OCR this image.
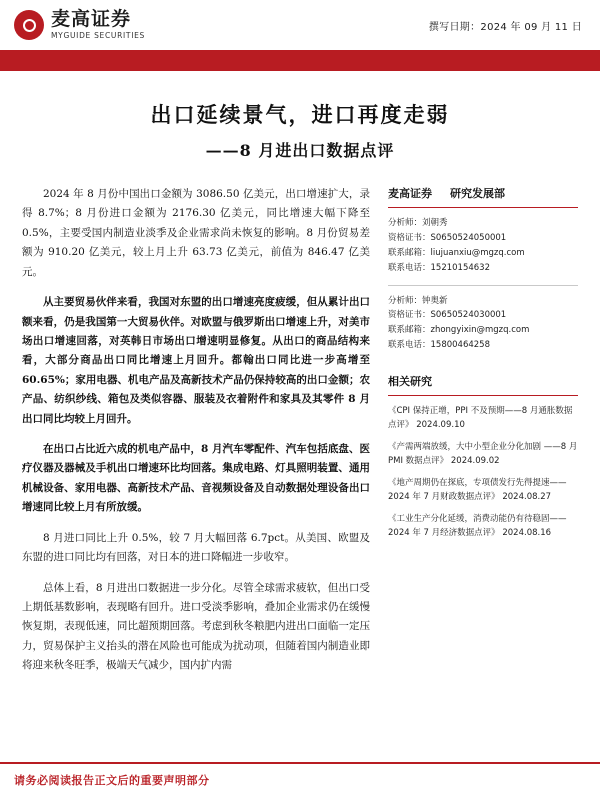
麦高证券
MYGUIDE SECURITIES
撰写日期：2024 年 09 月 11 日
出口延续景气，进口再度走弱
——8 月进出口数据点评

2024 年 8 月份中国出口金额为 3086.50 亿美元，出口增速扩大，录得 8.7%；8 月份进口金额为 2176.30 亿美元，同比增速大幅下降至 0.5%，主要受国内制造业淡季及企业需求尚未恢复的影响。8 月份贸易差额为 910.20 亿美元，较上月上升 63.73 亿美元，前值为 846.47 亿美元。

从主要贸易伙伴来看，我国对东盟的出口增速亮度疲缓，但从累计出口额来看，仍是我国第一大贸易伙伴。对欧盟与俄罗斯出口增速上升，对美市场出口增速回落，对英韩日市场出口增速明显修复。从出口的商品结构来看，大部分商品出口同比增速上月回升。都翰出口同比进一步高增至 60.65%；家用电器、机电产品及高新技术产品仍保持较高的出口金额；农产品、纺织纱线、箱包及类似容器、服装及衣着附件和家具及其零件 8 月出口同比均较上月回升。

在出口占比近六成的机电产品中，8 月汽车零配件、汽车包括底盘、医疗仪器及器械及手机出口增速环比均回落。集成电路、灯具照明装置、通用机械设备、家用电器、高新技术产品、音视频设备及自动数据处理设备出口增速同比较上月有所放缓。

8 月进口同比上升 0.5%，较 7 月大幅回落 6.7pct。从美国、欧盟及东盟的进口同比均有回落，对日本的进口降幅进一步收窄。

总体上看，8 月进出口数据进一步分化。尽管全球需求疲软，但出口受上期低基数影响，表现略有回升。进口受淡季影响，叠加企业需求仍在缓慢恢复期，表现低速，同比超预期回落。考虑到秋冬粮肥内进出口面临一定压力，贸易保护主义抬头的潜在风险也可能成为扰动项，但随着国内制造业即将迎来秋冬旺季，极端天气减少，国内扩内需

麦高证券 研究发展部
分析师：刘朝秀
资格证书：S0650524050001
联系邮箱：liujuanxiu@mgzq.com
联系电话：15210154632
分析师：钟奥新
资格证书：S0650524030001
联系邮箱：zhongyixin@mgzq.com
联系电话：15800464258
相关研究
《CPI 保持正增，PPI 不及预期——8 月通胀数据点评》 2024.09.10
《产需两端放缓，大中小型企业分化加剧 ——8 月 PMI 数据点评》 2024.09.02
《地产周期仍在探底，专项债发行先得提速——2024 年 7 月财政数据点评》 2024.08.27
《工业生产分化延缓，消费动能仍有待稳固——2024 年 7 月经济数据点评》 2024.08.16
请务必阅读报告正文后的重要声明部分
